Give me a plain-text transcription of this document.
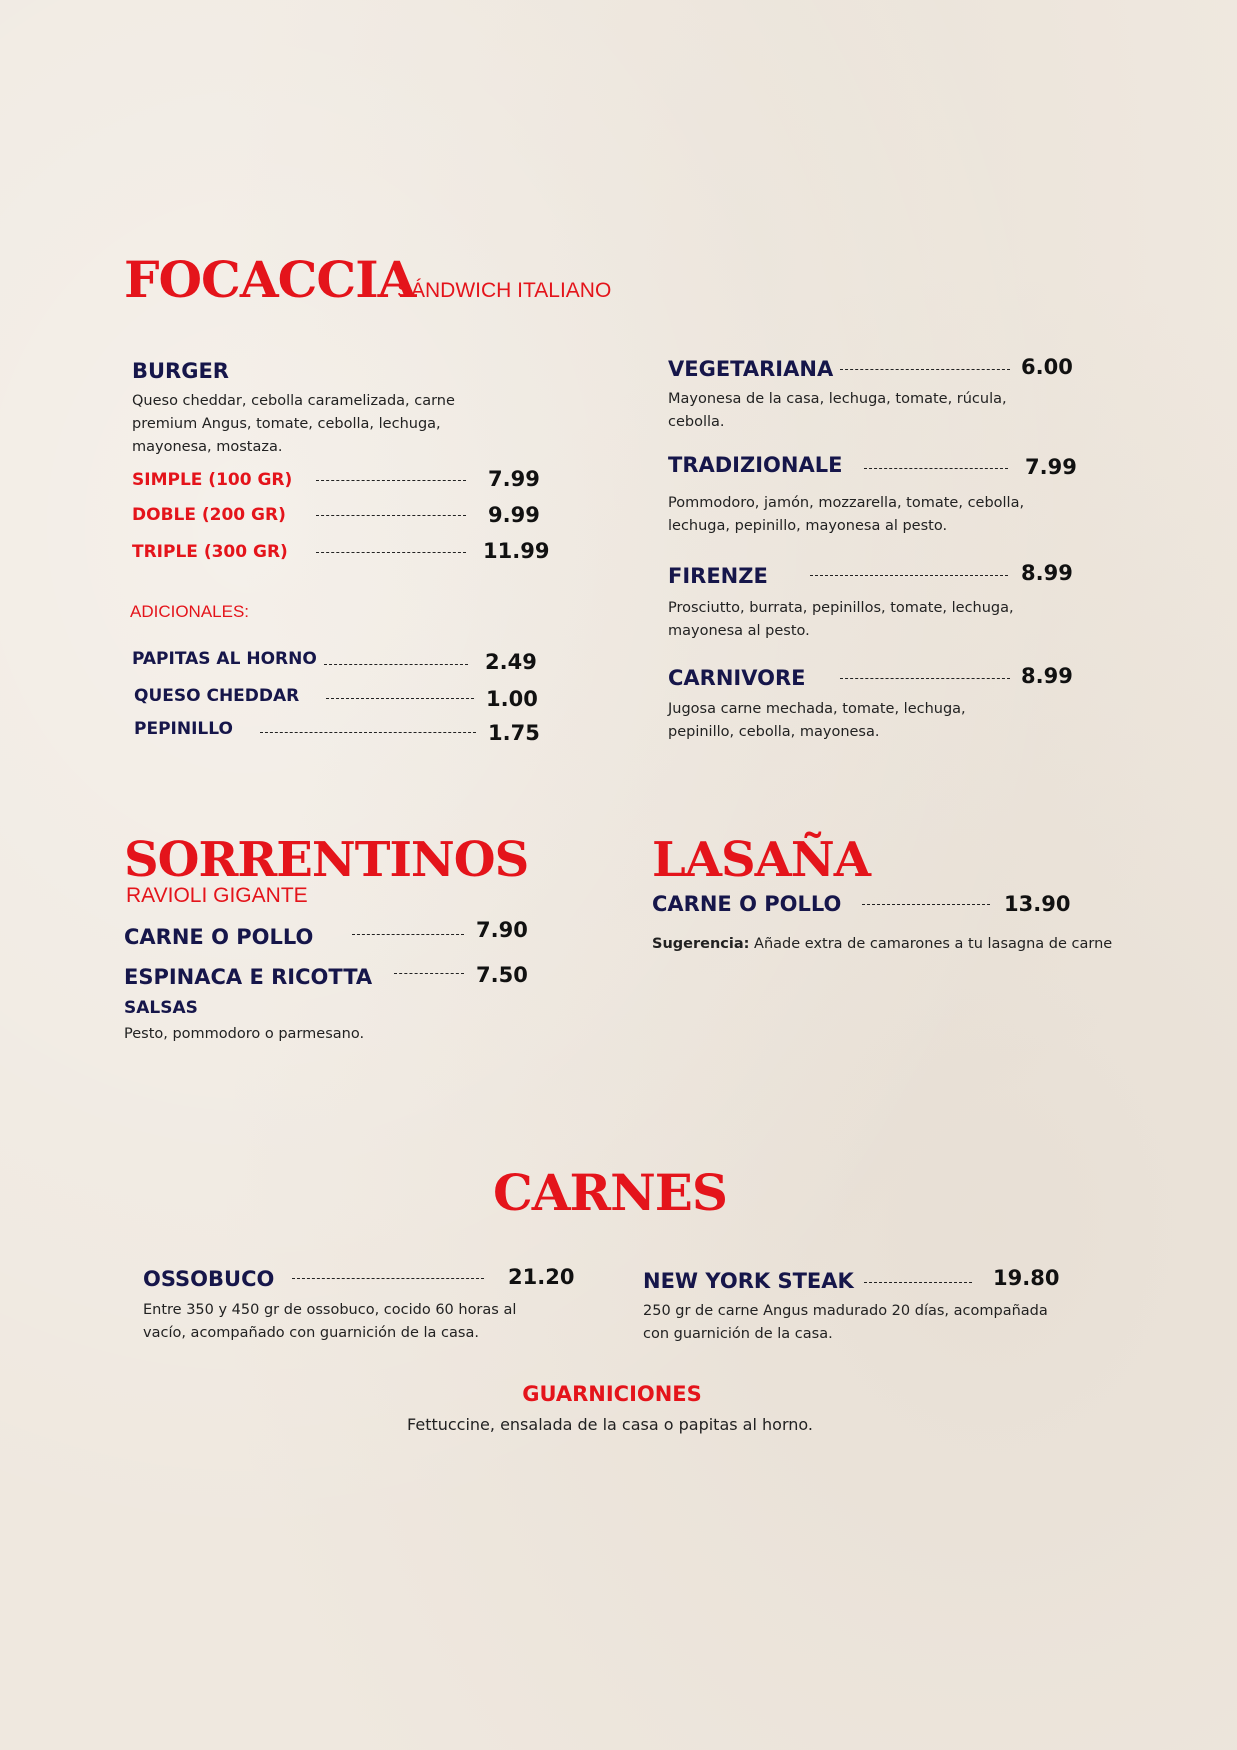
FOCACCIA
SÁNDWICH ITALIANO
BURGER
Queso cheddar, cebolla caramelizada, carne premium Angus, tomate, cebolla, lechuga, mayonesa, mostaza.
SIMPLE (100 GR)	7.99
DOBLE (200 GR)	9.99
TRIPLE (300 GR)	11.99
ADICIONALES:
PAPITAS AL HORNO	2.49
QUESO CHEDDAR	1.00
PEPINILLO	1.75
VEGETARIANA	6.00
Mayonesa de la casa, lechuga, tomate, rúcula, cebolla.
TRADIZIONALE	7.99
Pommodoro, jamón, mozzarella, tomate, cebolla, lechuga, pepinillo, mayonesa al pesto.
FIRENZE	8.99
Prosciutto, burrata, pepinillos, tomate, lechuga, mayonesa al pesto.
CARNIVORE	8.99
Jugosa carne mechada, tomate, lechuga, pepinillo, cebolla, mayonesa.
SORRENTINOS
RAVIOLI GIGANTE
CARNE O POLLO	7.90
ESPINACA E RICOTTA	7.50
SALSAS
Pesto, pommodoro o parmesano.
LASAÑA
CARNE O POLLO	13.90
Sugerencia: Añade extra de camarones a tu lasagna de carne
CARNES
OSSOBUCO	21.20
Entre 350 y 450 gr de ossobuco, cocido 60 horas al vacío, acompañado con guarnición de la casa.
NEW YORK STEAK	19.80
250 gr de carne Angus madurado 20 días, acompañada con guarnición de la casa.
GUARNICIONES
Fettuccine, ensalada de la casa o papitas al horno.
